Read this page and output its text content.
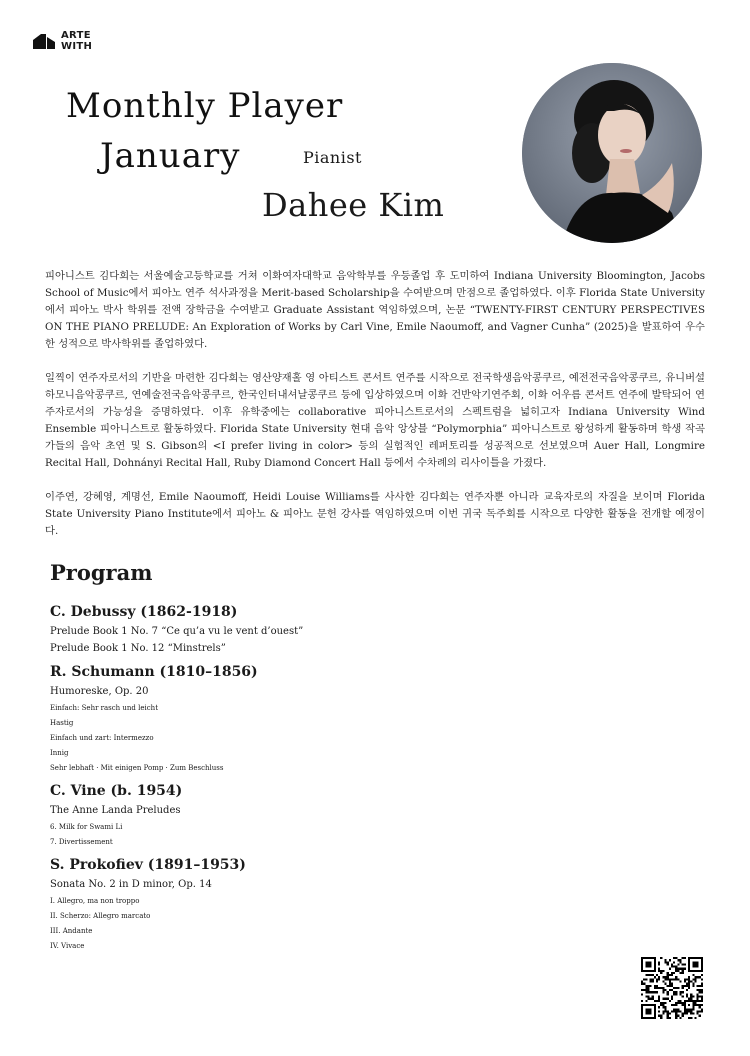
ARTE
WITH
Monthly Player
January	Pianist
Dahee Kim

피아니스트 김다희는 서울예술고등학교를 거쳐 이화여자대학교 음악학부를 우등졸업 후 도미하여 Indiana University Bloomington, Jacobs School of Music에서 피아노 연주 석사과정을 Merit-based Scholarship을 수여받으며 만점으로 졸업하였다. 이후 Florida State University에서 피아노 박사 학위를 전액 장학금을 수여받고 Graduate Assistant 역임하였으며, 논문 “TWENTY-FIRST CENTURY PERSPECTIVES ON THE PIANO PRELUDE: An Exploration of Works by Carl Vine, Emile Naoumoff, and Vagner Cunha” (2025)을 발표하여 우수한 성적으로 박사학위를 졸업하였다.

일찍이 연주자로서의 기반을 마련한 김다희는 영산양재홀 영 아티스트 콘서트 연주를 시작으로 전국학생음악콩쿠르, 예전전국음악콩쿠르, 유니버설하모니음악콩쿠르, 연예술전국음악콩쿠르, 한국인터내셔날콩쿠르 등에 입상하였으며 이화 건반악기연주회, 이화 어우름 콘서트 연주에 발탁되어 연주자로서의 가능성을 증명하였다. 이후 유학중에는 collaborative 피아니스트로서의 스펙트럼을 넓히고자 Indiana University Wind Ensemble 피아니스트로 활동하였다. Florida State University 현대 음악 앙상블 “Polymorphia” 피아니스트로 왕성하게 활동하며 학생 작곡가들의 음악 초연 및 S. Gibson의 <I prefer living in color> 등의 실험적인 레퍼토리를 성공적으로 선보였으며 Auer Hall, Longmire Recital Hall, Dohnányi Recital Hall, Ruby Diamond Concert Hall 등에서 수차례의 리사이틀을 가졌다.

이주연, 강혜영, 계명선, Emile Naoumoff, Heidi Louise Williams를 사사한 김다희는 연주자뿐 아니라 교육자로의 자질을 보이며 Florida State University Piano Institute에서 피아노 & 피아노 문헌 강사를 역임하였으며 이번 귀국 독주회를 시작으로 다양한 활동을 전개할 예정이다.

Program
C. Debussy (1862-1918)
Prelude Book 1 No. 7 “Ce qu’a vu le vent d’ouest”
Prelude Book 1 No. 12 “Minstrels”
R. Schumann (1810–1856)
Humoreske, Op. 20
Einfach: Sehr rasch und leicht
Hastig
Einfach und zart: Intermezzo
Innig
Sehr lebhaft · Mit einigen Pomp · Zum Beschluss
C. Vine (b. 1954)
The Anne Landa Preludes
6. Milk for Swami Li
7. Divertissement
S. Prokofiev (1891–1953)
Sonata No. 2 in D minor, Op. 14
I. Allegro, ma non troppo
II. Scherzo: Allegro marcato
III. Andante
IV. Vivace
